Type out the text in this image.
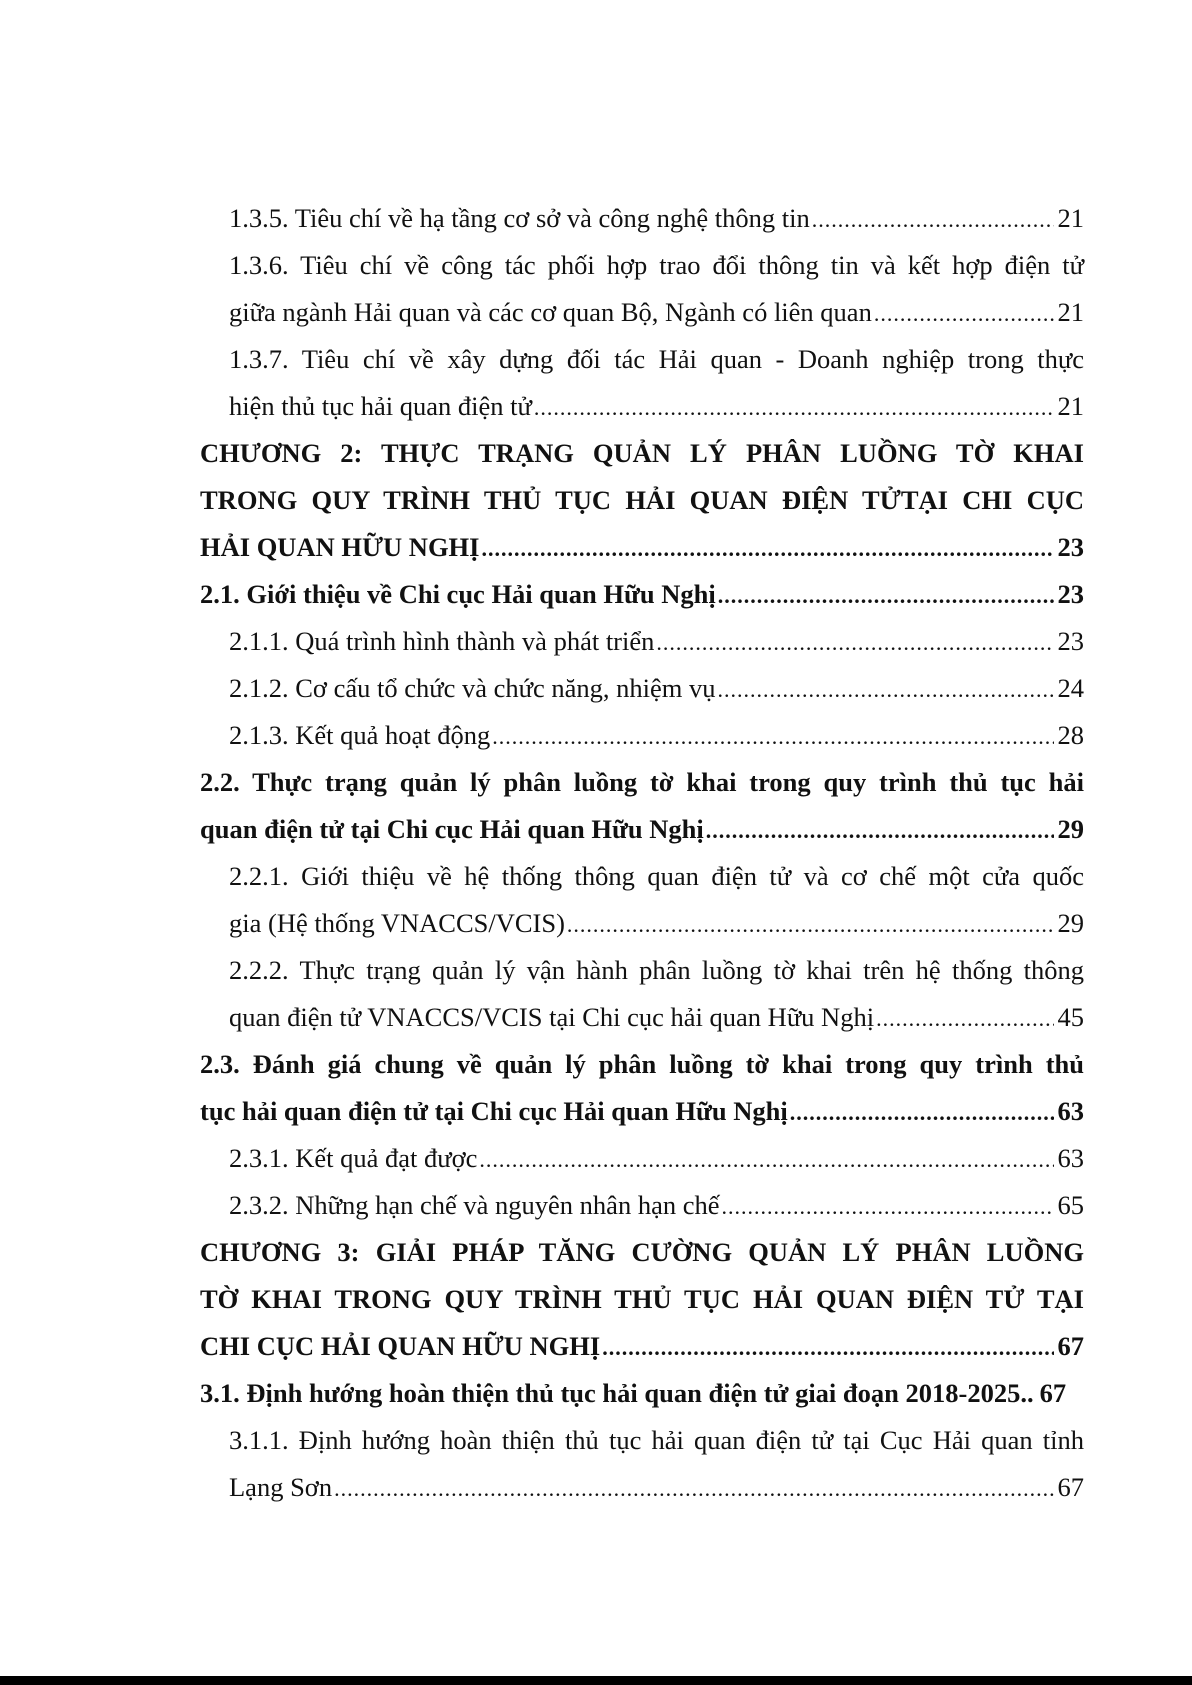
1.3.5. Tiêu chí về hạ tầng cơ sở và công nghệ thông tin .....	21
1.3.6. Tiêu chí về công tác phối hợp trao đổi thông tin và kết hợp điện tử
giữa ngành Hải quan và các cơ quan Bộ, Ngành có liên quan .....	21
1.3.7. Tiêu chí về xây dựng đối tác Hải quan - Doanh nghiệp trong thực
hiện thủ tục hải quan điện tử .....	21
CHƯƠNG 2: THỰC TRẠNG QUẢN LÝ PHÂN LUỒNG TỜ KHAI
TRONG QUY TRÌNH THỦ TỤC HẢI QUAN ĐIỆN TỬTẠI CHI CỤC
HẢI QUAN HỮU NGHỊ .....	23
2.1. Giới thiệu về Chi cục Hải quan Hữu Nghị .....	23
2.1.1. Quá trình hình thành và phát triển .....	23
2.1.2. Cơ cấu tổ chức và chức năng, nhiệm vụ .....	24
2.1.3. Kết quả hoạt động .....	28
2.2. Thực trạng quản lý phân luồng tờ khai trong quy trình thủ tục hải
quan điện tử tại Chi cục Hải quan Hữu Nghị .....	29
2.2.1. Giới thiệu về hệ thống thông quan điện tử và cơ chế một cửa quốc
gia (Hệ thống VNACCS/VCIS) .....	29
2.2.2. Thực trạng quản lý vận hành phân luồng tờ khai trên hệ thống thông
quan điện tử VNACCS/VCIS tại Chi cục hải quan Hữu Nghị .....	45
2.3. Đánh giá chung về quản lý phân luồng tờ khai trong quy trình thủ
tục hải quan điện tử tại Chi cục Hải quan Hữu Nghị .....	63
2.3.1. Kết quả đạt được .....	63
2.3.2. Những hạn chế và nguyên nhân hạn chế .....	65
CHƯƠNG 3: GIẢI PHÁP TĂNG CƯỜNG QUẢN LÝ PHÂN LUỒNG
TỜ KHAI TRONG QUY TRÌNH THỦ TỤC HẢI QUAN ĐIỆN TỬ TẠI
CHI CỤC HẢI QUAN HỮU NGHỊ .....	67
3.1. Định hướng hoàn thiện thủ tục hải quan điện tử giai đoạn 2018-2025.. 67
3.1.1. Định hướng hoàn thiện thủ tục hải quan điện tử tại Cục Hải quan tỉnh
Lạng Sơn .....	67
